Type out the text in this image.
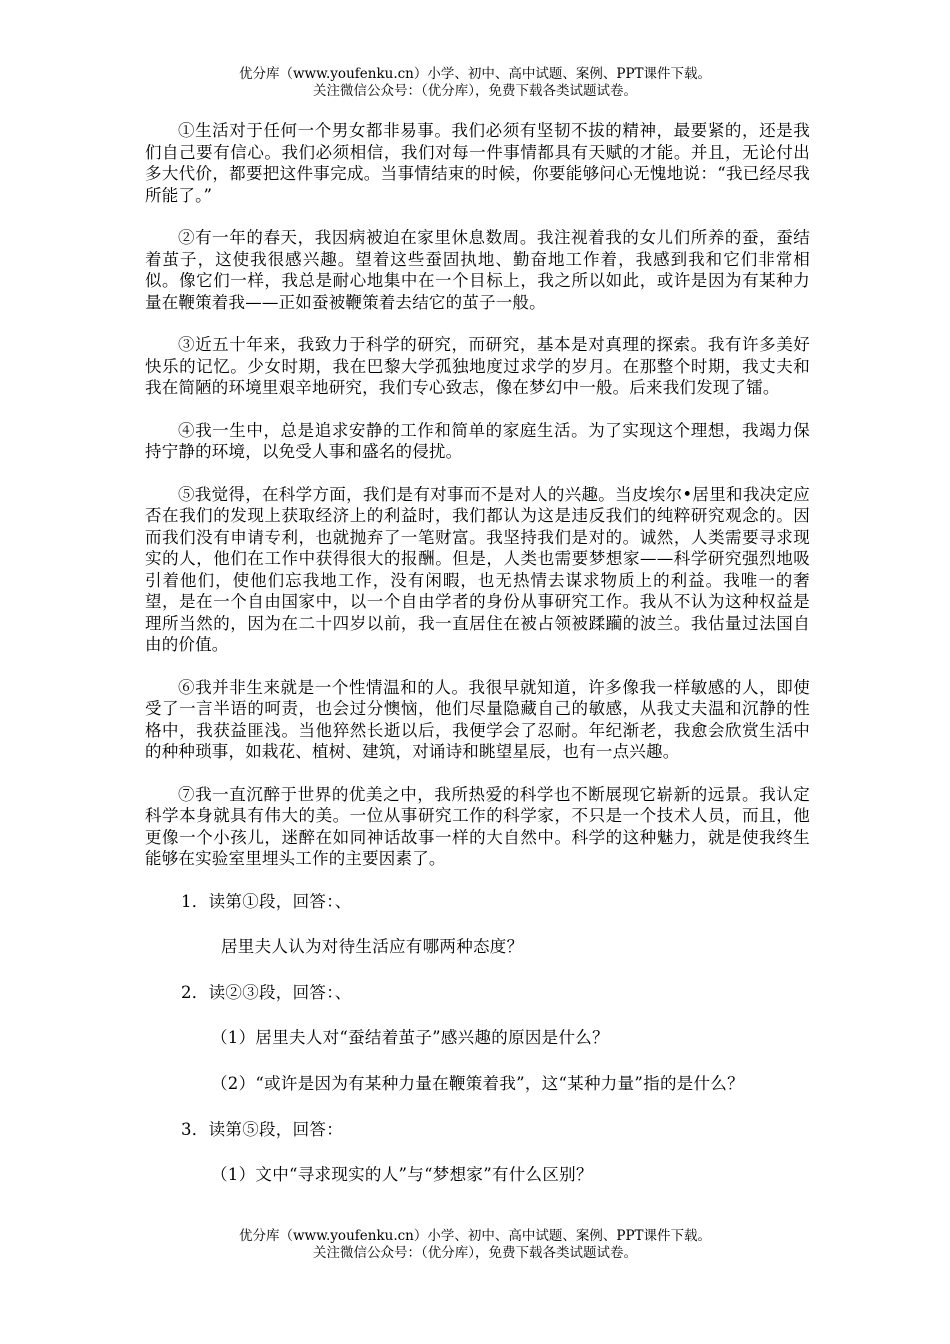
优分库（www.youfenku.cn）小学、初中、高中试题、案例、PPT课件下载。
关注微信公众号：（优分库），免费下载各类试题试卷。

①生活对于任何一个男女都非易事。我们必须有坚韧不拔的精神，最要紧的，还是我们自己要有信心。我们必须相信，我们对每一件事情都具有天赋的才能。并且，无论付出多大代价，都要把这件事完成。当事情结束的时候，你要能够问心无愧地说：“我已经尽我所能了。”

②有一年的春天，我因病被迫在家里休息数周。我注视着我的女儿们所养的蚕，蚕结着茧子，这使我很感兴趣。望着这些蚕固执地、勤奋地工作着，我感到我和它们非常相似。像它们一样，我总是耐心地集中在一个目标上，我之所以如此，或许是因为有某种力量在鞭策着我——正如蚕被鞭策着去结它的茧子一般。

③近五十年来，我致力于科学的研究，而研究，基本是对真理的探索。我有许多美好快乐的记忆。少女时期，我在巴黎大学孤独地度过求学的岁月。在那整个时期，我丈夫和我在简陋的环境里艰辛地研究，我们专心致志，像在梦幻中一般。后来我们发现了镭。

④我一生中，总是追求安静的工作和简单的家庭生活。为了实现这个理想，我竭力保持宁静的环境，以免受人事和盛名的侵扰。

⑤我觉得，在科学方面，我们是有对事而不是对人的兴趣。当皮埃尔•居里和我决定应否在我们的发现上获取经济上的利益时，我们都认为这是违反我们的纯粹研究观念的。因而我们没有申请专利，也就抛弃了一笔财富。我坚持我们是对的。诚然，人类需要寻求现实的人，他们在工作中获得很大的报酬。但是，人类也需要梦想家——科学研究强烈地吸引着他们，使他们忘我地工作，没有闲暇，也无热情去谋求物质上的利益。我唯一的奢望，是在一个自由国家中，以一个自由学者的身份从事研究工作。我从不认为这种权益是理所当然的，因为在二十四岁以前，我一直居住在被占领被蹂躏的波兰。我估量过法国自由的价值。

⑥我并非生来就是一个性情温和的人。我很早就知道，许多像我一样敏感的人，即使受了一言半语的呵责，也会过分懊恼，他们尽量隐藏自己的敏感，从我丈夫温和沉静的性格中，我获益匪浅。当他猝然长逝以后，我便学会了忍耐。年纪渐老，我愈会欣赏生活中的种种琐事，如栽花、植树、建筑，对诵诗和眺望星辰，也有一点兴趣。

⑦我一直沉醉于世界的优美之中，我所热爱的科学也不断展现它崭新的远景。我认定科学本身就具有伟大的美。一位从事研究工作的科学家，不只是一个技术人员，而且，他更像一个小孩儿，迷醉在如同神话故事一样的大自然中。科学的这种魅力，就是使我终生能够在实验室里埋头工作的主要因素了。

1．读第①段，回答：、
居里夫人认为对待生活应有哪两种态度？
2．读②③段，回答：、
（1）居里夫人对“蚕结着茧子”感兴趣的原因是什么？
（2）“或许是因为有某种力量在鞭策着我”，这“某种力量”指的是什么？
3．读第⑤段，回答：
（1）文中“寻求现实的人”与“梦想家”有什么区别？
优分库（www.youfenku.cn）小学、初中、高中试题、案例、PPT课件下载。
关注微信公众号：（优分库），免费下载各类试题试卷。
